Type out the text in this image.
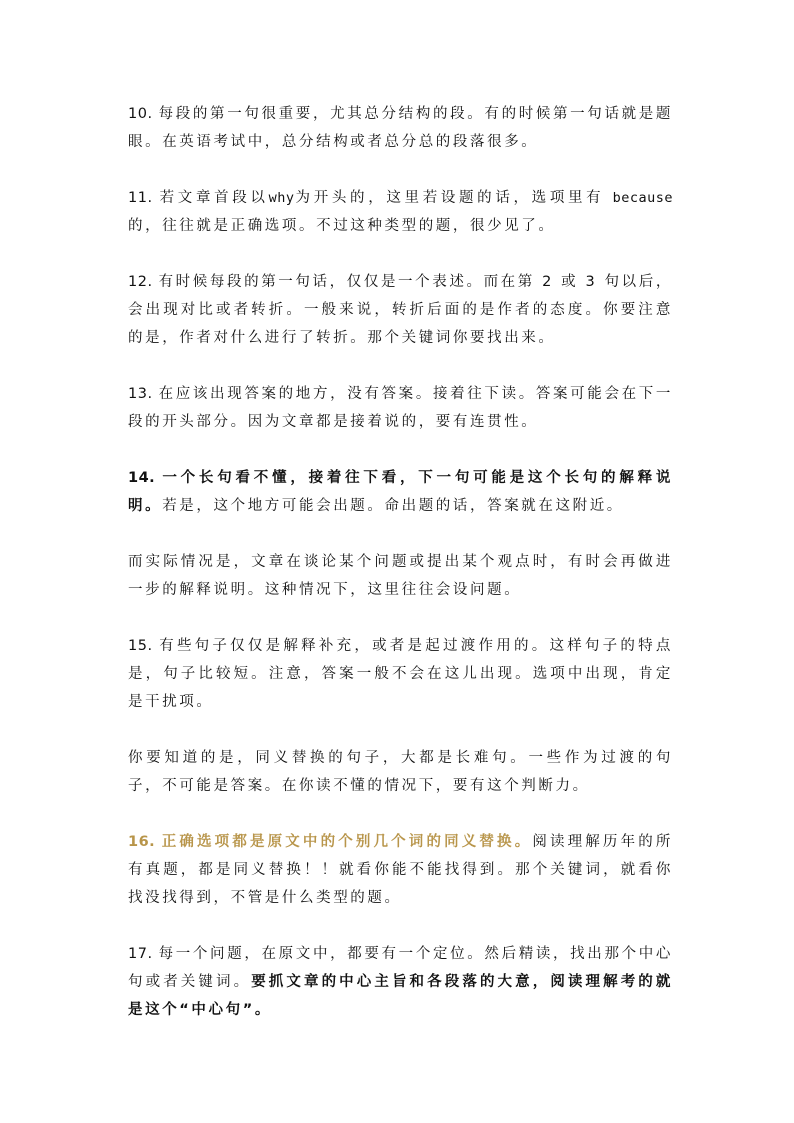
10. 每段的第一句很重要，尤其总分结构的段。有的时候第一句话就是题眼。在英语考试中，总分结构或者总分总的段落很多。

11. 若文章首段以why为开头的，这里若设题的话，选项里有 because的，往往就是正确选项。不过这种类型的题，很少见了。

12. 有时候每段的第一句话，仅仅是一个表述。而在第 2 或 3 句以后，会出现对比或者转折。一般来说，转折后面的是作者的态度。你要注意的是，作者对什么进行了转折。那个关键词你要找出来。

13. 在应该出现答案的地方，没有答案。接着往下读。答案可能会在下一段的开头部分。因为文章都是接着说的，要有连贯性。

14. 一个长句看不懂，接着往下看，下一句可能是这个长句的解释说明。若是，这个地方可能会出题。命出题的话，答案就在这附近。

而实际情况是，文章在谈论某个问题或提出某个观点时，有时会再做进一步的解释说明。这种情况下，这里往往会设问题。

15. 有些句子仅仅是解释补充，或者是起过渡作用的。这样句子的特点是，句子比较短。注意，答案一般不会在这儿出现。选项中出现，肯定是干扰项。

你要知道的是，同义替换的句子，大都是长难句。一些作为过渡的句子，不可能是答案。在你读不懂的情况下，要有这个判断力。

16. 正确选项都是原文中的个别几个词的同义替换。阅读理解历年的所有真题，都是同义替换！！就看你能不能找得到。那个关键词，就看你找没找得到，不管是什么类型的题。

17. 每一个问题，在原文中，都要有一个定位。然后精读，找出那个中心句或者关键词。要抓文章的中心主旨和各段落的大意，阅读理解考的就是这个“中心句”。
